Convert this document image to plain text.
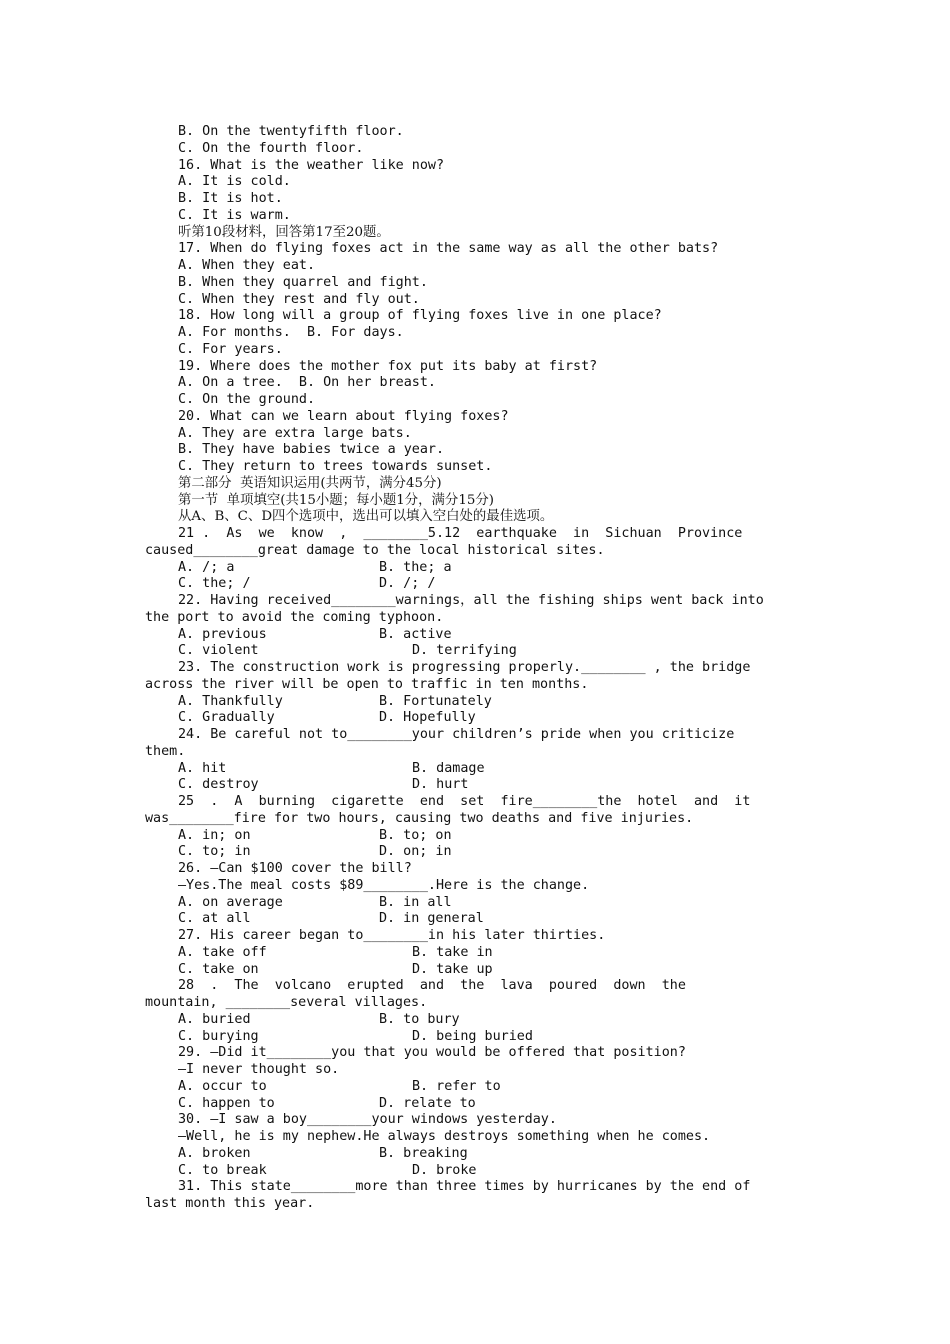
B. On the twentyfifth floor.
C. On the fourth floor.
16. What is the weather like now?
A. It is cold.
B. It is hot.
C. It is warm.
听第10段材料，回答第17至20题。
17. When do flying foxes act in the same way as all the other bats?
A. When they eat.
B. When they quarrel and fight.
C. When they rest and fly out.
18. How long will a group of flying foxes live in one place?
A. For months.  B. For days.
C. For years.
19. Where does the mother fox put its baby at first?
A. On a tree.  B. On her breast.
C. On the ground.
20. What can we learn about flying foxes?
A. They are extra large bats.
B. They have babies twice a year.
C. They return to trees towards sunset.
第二部分  英语知识运用(共两节，满分45分)
第一节  单项填空(共15小题；每小题1分，满分15分)
从A、B、C、D四个选项中，选出可以填入空白处的最佳选项。
21 .  As  we  know  ,  ________5.12  earthquake  in  Sichuan  Province
caused________great damage to the local historical sites.
A. /; a	B. the; a
C. the; /	D. /; /
22. Having received________warnings，all the fishing ships went back into
the port to avoid the coming typhoon.
A. previous	B. active
C. violent	D. terrifying
23. The construction work is progressing properly.________ , the bridge
across the river will be open to traffic in ten months.
A. Thankfully	B. Fortunately
C. Gradually	D. Hopefully
24. Be careful not to________your children’s pride when you criticize
them.
A. hit	B. damage
C. destroy	D. hurt
25  .  A  burning  cigarette  end  set  fire________the  hotel  and  it
was________fire for two hours, causing two deaths and five injuries.
A. in; on	B. to; on
C. to; in	D. on; in
26. —Can $100 cover the bill?
—Yes.The meal costs $89________.Here is the change.
A. on average	B. in all
C. at all	D. in general
27. His career began to________in his later thirties.
A. take off	B. take in
C. take on	D. take up
28  .  The  volcano  erupted  and  the  lava  poured  down  the
mountain, ________several villages.
A. buried	B. to bury
C. burying	D. being buried
29. —Did it________you that you would be offered that position?
—I never thought so.
A. occur to	B. refer to
C. happen to	D. relate to
30. —I saw a boy________your windows yesterday.
—Well, he is my nephew.He always destroys something when he comes.
A. broken	B. breaking
C. to break	D. broke
31. This state________more than three times by hurricanes by the end of
last month this year.
